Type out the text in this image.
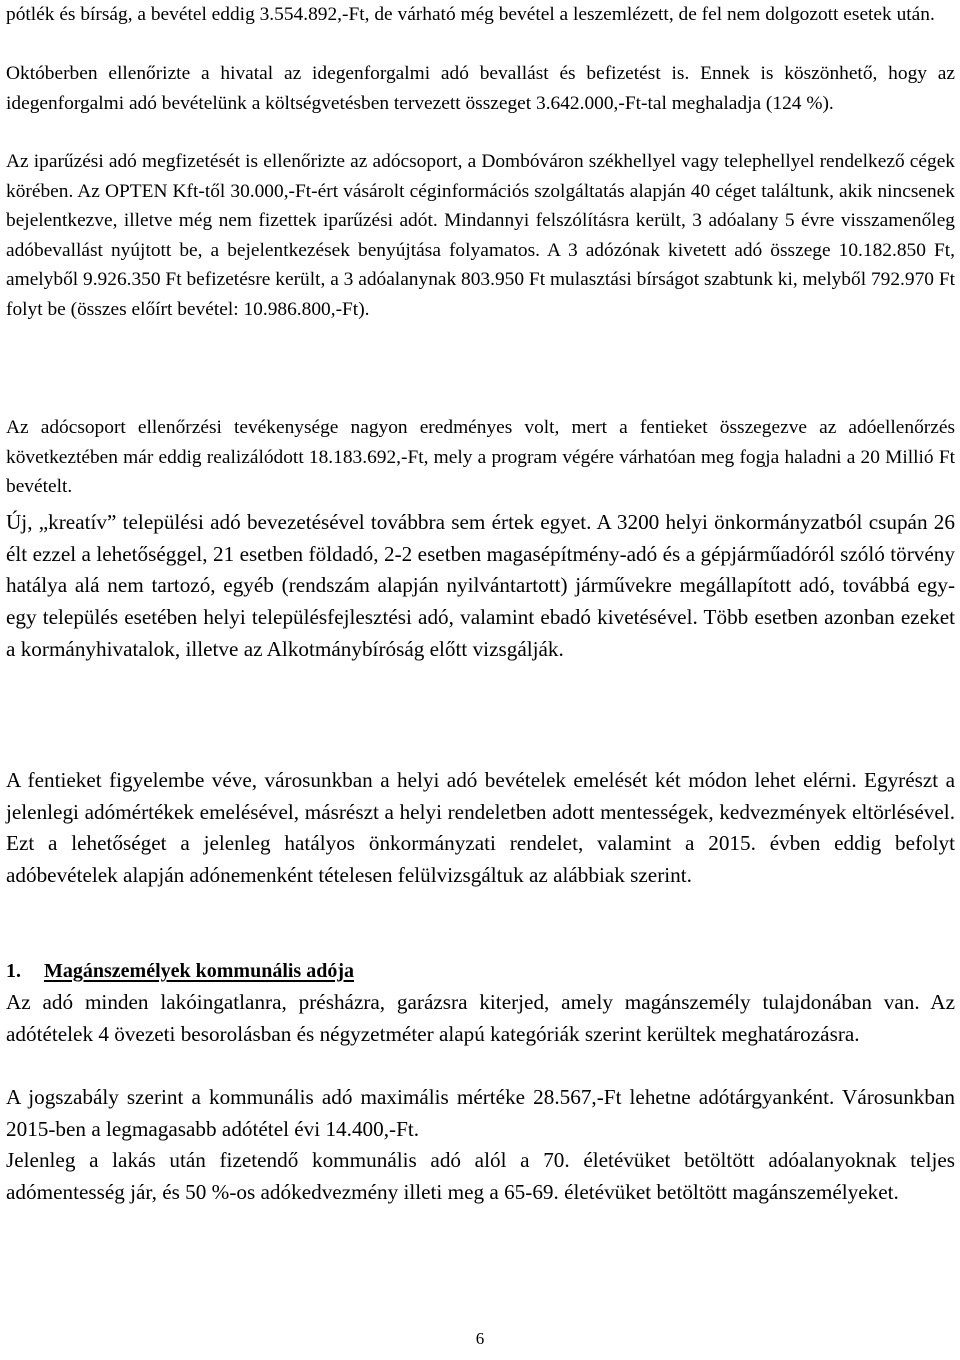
pótlék és bírság, a bevétel eddig 3.554.892,-Ft, de várható még bevétel a leszemlézett, de fel nem dolgozott esetek után.

Októberben ellenőrizte a hivatal az idegenforgalmi adó bevallást és befizetést is. Ennek is köszönhető, hogy az idegenforgalmi adó bevételünk a költségvetésben tervezett összeget 3.642.000,-Ft-tal meghaladja (124 %).

Az iparűzési adó megfizetését is ellenőrizte az adócsoport, a Dombóváron székhellyel vagy telephellyel rendelkező cégek körében. Az OPTEN Kft-től 30.000,-Ft-ért vásárolt céginformációs szolgáltatás alapján 40 céget találtunk, akik nincsenek bejelentkezve, illetve még nem fizettek iparűzési adót. Mindannyi felszólításra került, 3 adóalany 5 évre visszamenőleg adóbevallást nyújtott be, a bejelentkezések benyújtása folyamatos. A 3 adózónak kivetett adó összege 10.182.850 Ft, amelyből 9.926.350 Ft befizetésre került, a 3 adóalanynak 803.950 Ft mulasztási bírságot szabtunk ki, melyből 792.970 Ft folyt be (összes előírt bevétel: 10.986.800,-Ft).

Az adócsoport ellenőrzési tevékenysége nagyon eredményes volt, mert a fentieket összegezve az adóellenőrzés következtében már eddig realizálódott 18.183.692,-Ft, mely a program végére várhatóan meg fogja haladni a 20 Millió Ft bevételt.

Új, „kreatív” települési adó bevezetésével továbbra sem értek egyet. A 3200 helyi önkormányzatból csupán 26 élt ezzel a lehetőséggel, 21 esetben földadó, 2-2 esetben magasépítmény-adó és a gépjárműadóról szóló törvény hatálya alá nem tartozó, egyéb (rendszám alapján nyilvántartott) járművekre megállapított adó, továbbá egy-egy település esetében helyi településfejlesztési adó, valamint ebadó kivetésével. Több esetben azonban ezeket a kormányhivatalok, illetve az Alkotmánybíróság előtt vizsgálják.

A fentieket figyelembe véve, városunkban a helyi adó bevételek emelését két módon lehet elérni. Egyrészt a jelenlegi adómértékek emelésével, másrészt a helyi rendeletben adott mentességek, kedvezmények eltörlésével. Ezt a lehetőséget a jelenleg hatályos önkormányzati rendelet, valamint a 2015. évben eddig befolyt adóbevételek alapján adónemenként tételesen felülvizsgáltuk az alábbiak szerint.

1. Magánszemélyek kommunális adója

Az adó minden lakóingatlanra, présházra, garázsra kiterjed, amely magánszemély tulajdonában van. Az adótételek 4 övezeti besorolásban és négyzetméter alapú kategóriák szerint kerültek meghatározásra.

A jogszabály szerint a kommunális adó maximális mértéke 28.567,-Ft lehetne adótárgyanként. Városunkban 2015-ben a legmagasabb adótétel évi 14.400,-Ft.

Jelenleg a lakás után fizetendő kommunális adó alól a 70. életévüket betöltött adóalanyoknak teljes adómentesség jár, és 50 %-os adókedvezmény illeti meg a 65-69. életévüket betöltött magánszemélyeket.

6
